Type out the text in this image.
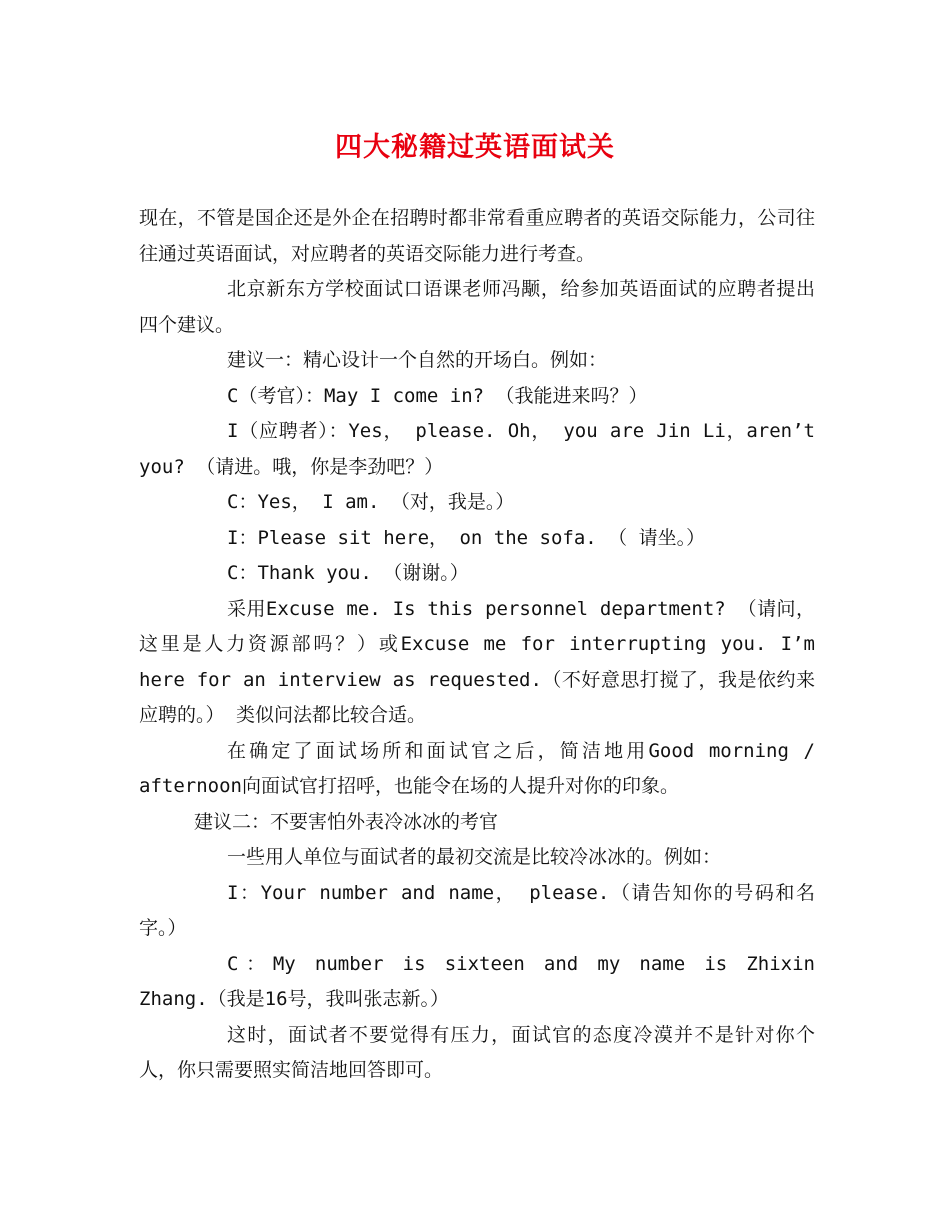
四大秘籍过英语面试关

现在，不管是国企还是外企在招聘时都非常看重应聘者的英语交际能力，公司往往通过英语面试，对应聘者的英语交际能力进行考查。

北京新东方学校面试口语课老师冯颙，给参加英语面试的应聘者提出四个建议。

建议一：精心设计一个自然的开场白。例如：

C（考官）：May I come in? （我能进来吗？）

I（应聘者）：Yes， please. Oh， you are Jin Li，aren’t you? （请进。哦，你是李劲吧？）

C：Yes， I am. （对，我是。）

I：Please sit here， on the sofa. （ 请坐。）

C：Thank you. （谢谢。）

采用Excuse me. Is this personnel department? （请问，这里是人力资源部吗？）或Excuse me for interrupting you. I’m here for an interview as requested.（不好意思打搅了，我是依约来应聘的。） 类似问法都比较合适。

在确定了面试场所和面试官之后，简洁地用Good morning / afternoon向面试官打招呼，也能令在场的人提升对你的印象。

建议二：不要害怕外表冷冰冰的考官

一些用人单位与面试者的最初交流是比较冷冰冰的。例如：

I：Your number and name， please.（请告知你的号码和名字。）

C：My number is sixteen and my name is Zhixin Zhang.（我是16号，我叫张志新。）

这时，面试者不要觉得有压力，面试官的态度冷漠并不是针对你个人，你只需要照实简洁地回答即可。
